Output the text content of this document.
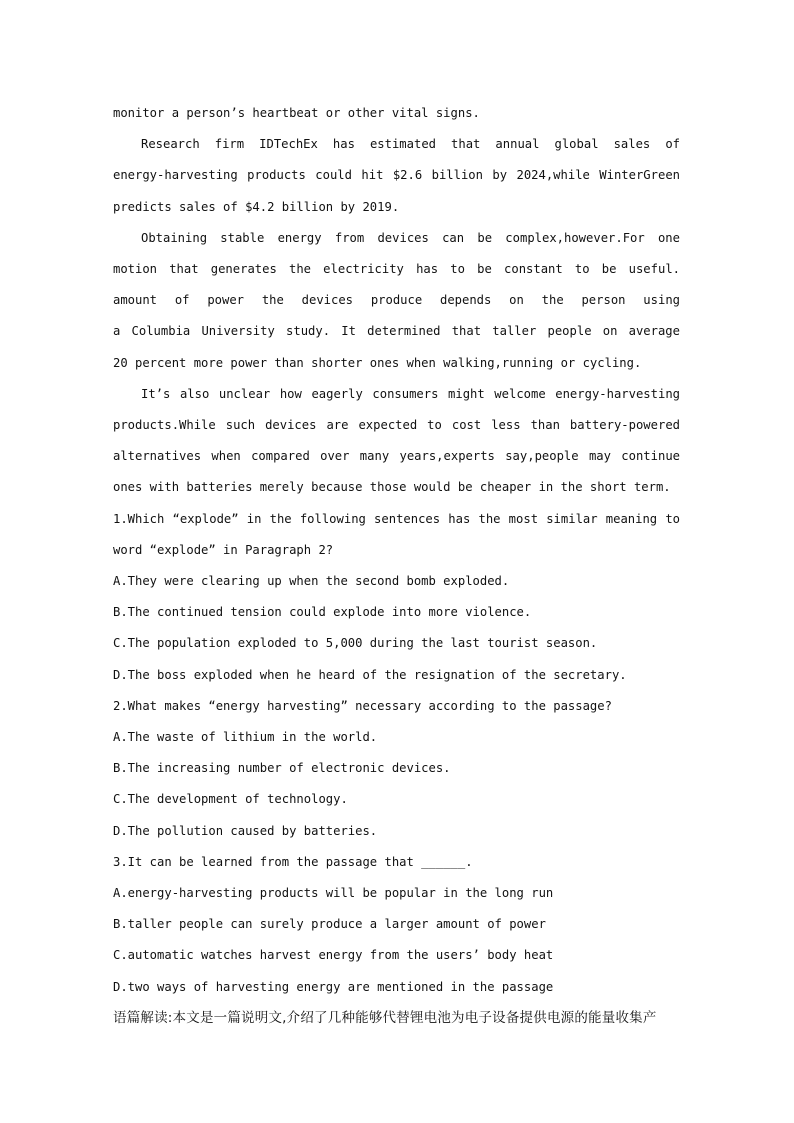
monitor a person’s heartbeat or other vital signs.

Research firm IDTechEx has estimated that annual global sales of

energy-harvesting products could hit $2.6 billion by 2024,while WinterGreen

predicts sales of $4.2 billion by 2019.

Obtaining stable energy from devices can be complex,however.For one

motion that generates the electricity has to be constant to be useful.

amount of power the devices produce depends on the person using

a Columbia University study. It determined that taller people on average

20 percent more power than shorter ones when walking,running or cycling.

It’s also unclear how eagerly consumers might welcome energy-harvesting

products.While such devices are expected to cost less than battery-powered

alternatives when compared over many years,experts say,people may continue

ones with batteries merely because those would be cheaper in the short term.

1.Which “explode” in the following sentences has the most similar meaning to

word “explode” in Paragraph 2?

A.They were clearing up when the second bomb exploded.

B.The continued tension could explode into more violence.

C.The population exploded to 5,000 during the last tourist season.

D.The boss exploded when he heard of the resignation of the secretary.

2.What makes “energy harvesting” necessary according to the passage?

A.The waste of lithium in the world.

B.The increasing number of electronic devices.

C.The development of technology.

D.The pollution caused by batteries.

3.It can be learned from the passage that ______.

A.energy-harvesting products will be popular in the long run

B.taller people can surely produce a larger amount of power

C.automatic watches harvest energy from the users’ body heat

D.two ways of harvesting energy are mentioned in the passage

语篇解读:本文是一篇说明文,介绍了几种能够代替锂电池为电子设备提供电源的能量收集产
